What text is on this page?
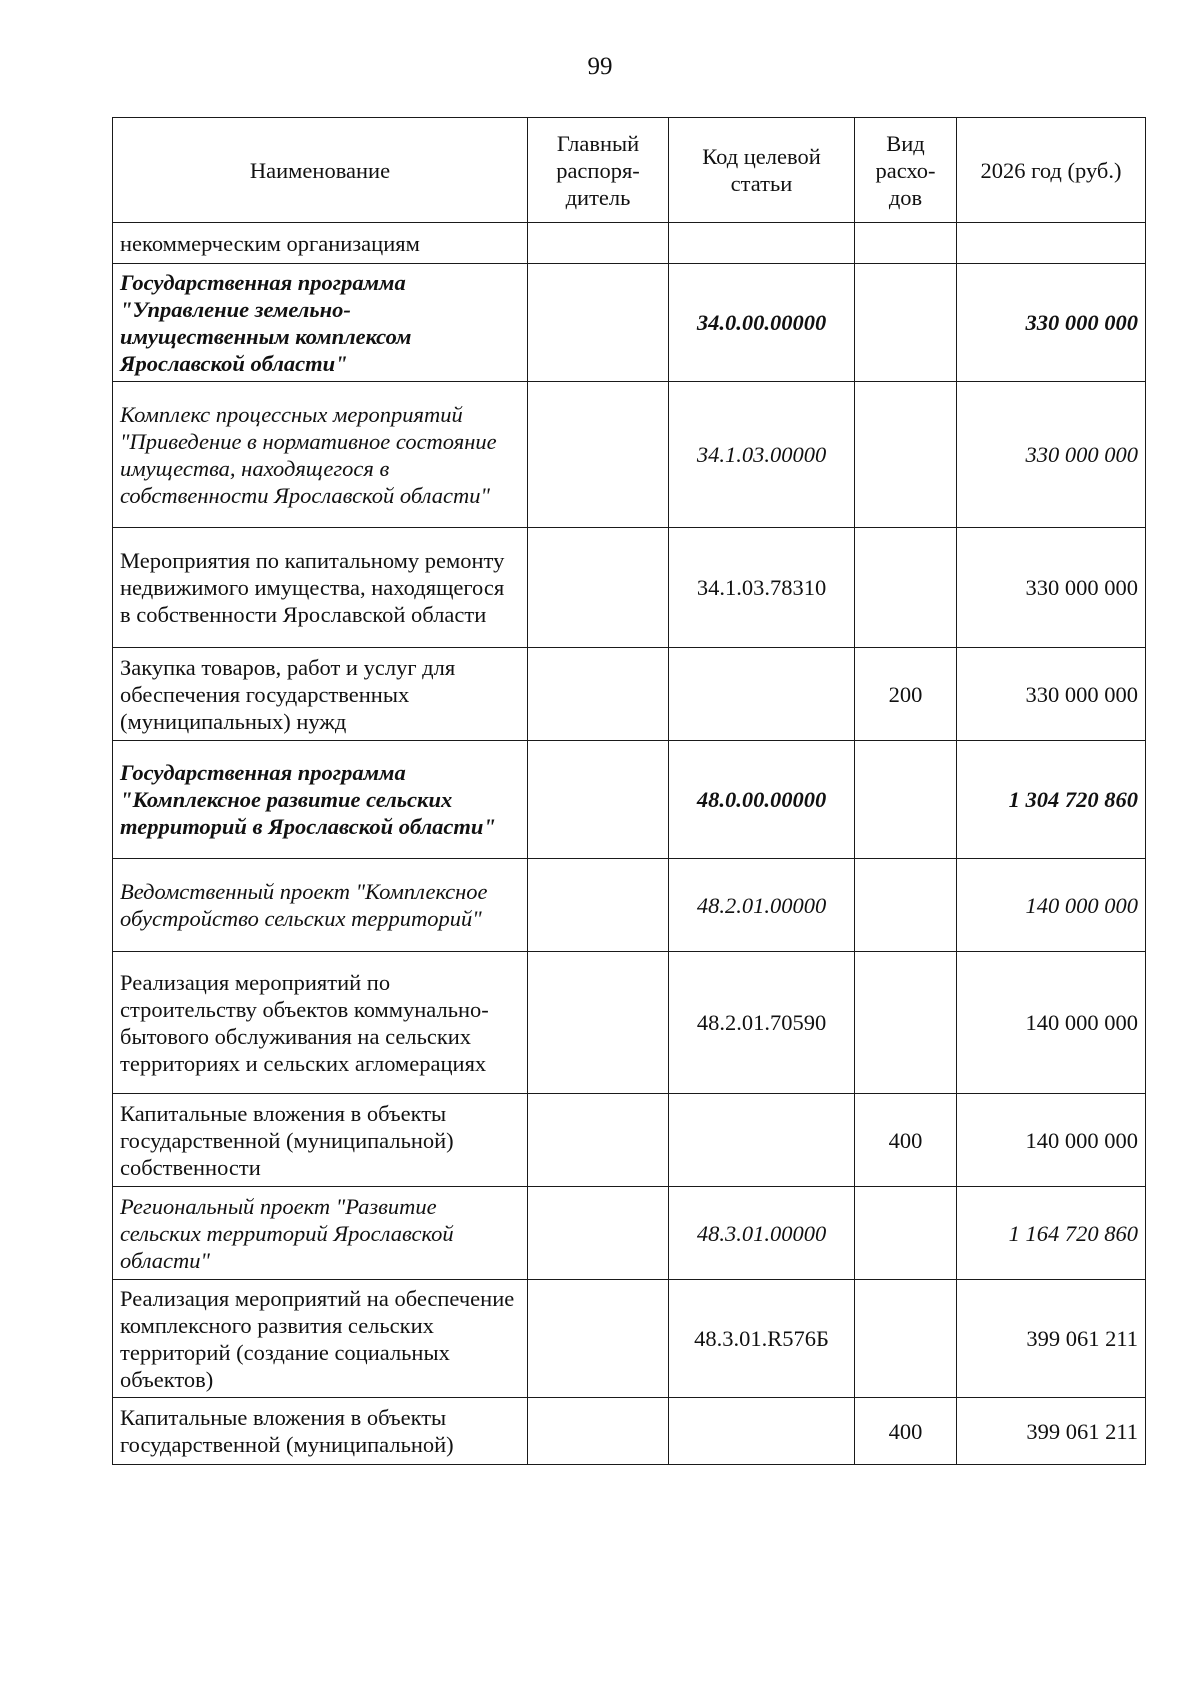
99
Наименование	Главный распоря-дитель	Код целевой статьи	Вид расхо-дов	2026 год (руб.)
некоммерческим организациям				
Государственная программа "Управление земельно-имущественным комплексом Ярославской области"		34.0.00.00000		330 000 000
Комплекс процессных мероприятий "Приведение в нормативное состояние имущества, находящегося в собственности Ярославской области"		34.1.03.00000		330 000 000
Мероприятия по капитальному ремонту недвижимого имущества, находящегося в собственности Ярославской области		34.1.03.78310		330 000 000
Закупка товаров, работ и услуг для обеспечения государственных (муниципальных) нужд			200	330 000 000
Государственная программа "Комплексное развитие сельских территорий в Ярославской области"		48.0.00.00000		1 304 720 860
Ведомственный проект "Комплексное обустройство сельских территорий"		48.2.01.00000		140 000 000
Реализация мероприятий по строительству объектов коммунально-бытового обслуживания на сельских территориях и сельских агломерациях		48.2.01.70590		140 000 000
Капитальные вложения в объекты государственной (муниципальной) собственности			400	140 000 000
Региональный проект "Развитие сельских территорий Ярославской области"		48.3.01.00000		1 164 720 860
Реализация мероприятий на обеспечение комплексного развития сельских территорий (создание социальных объектов)		48.3.01.R576Б		399 061 211
Капитальные вложения в объекты государственной (муниципальной)			400	399 061 211
